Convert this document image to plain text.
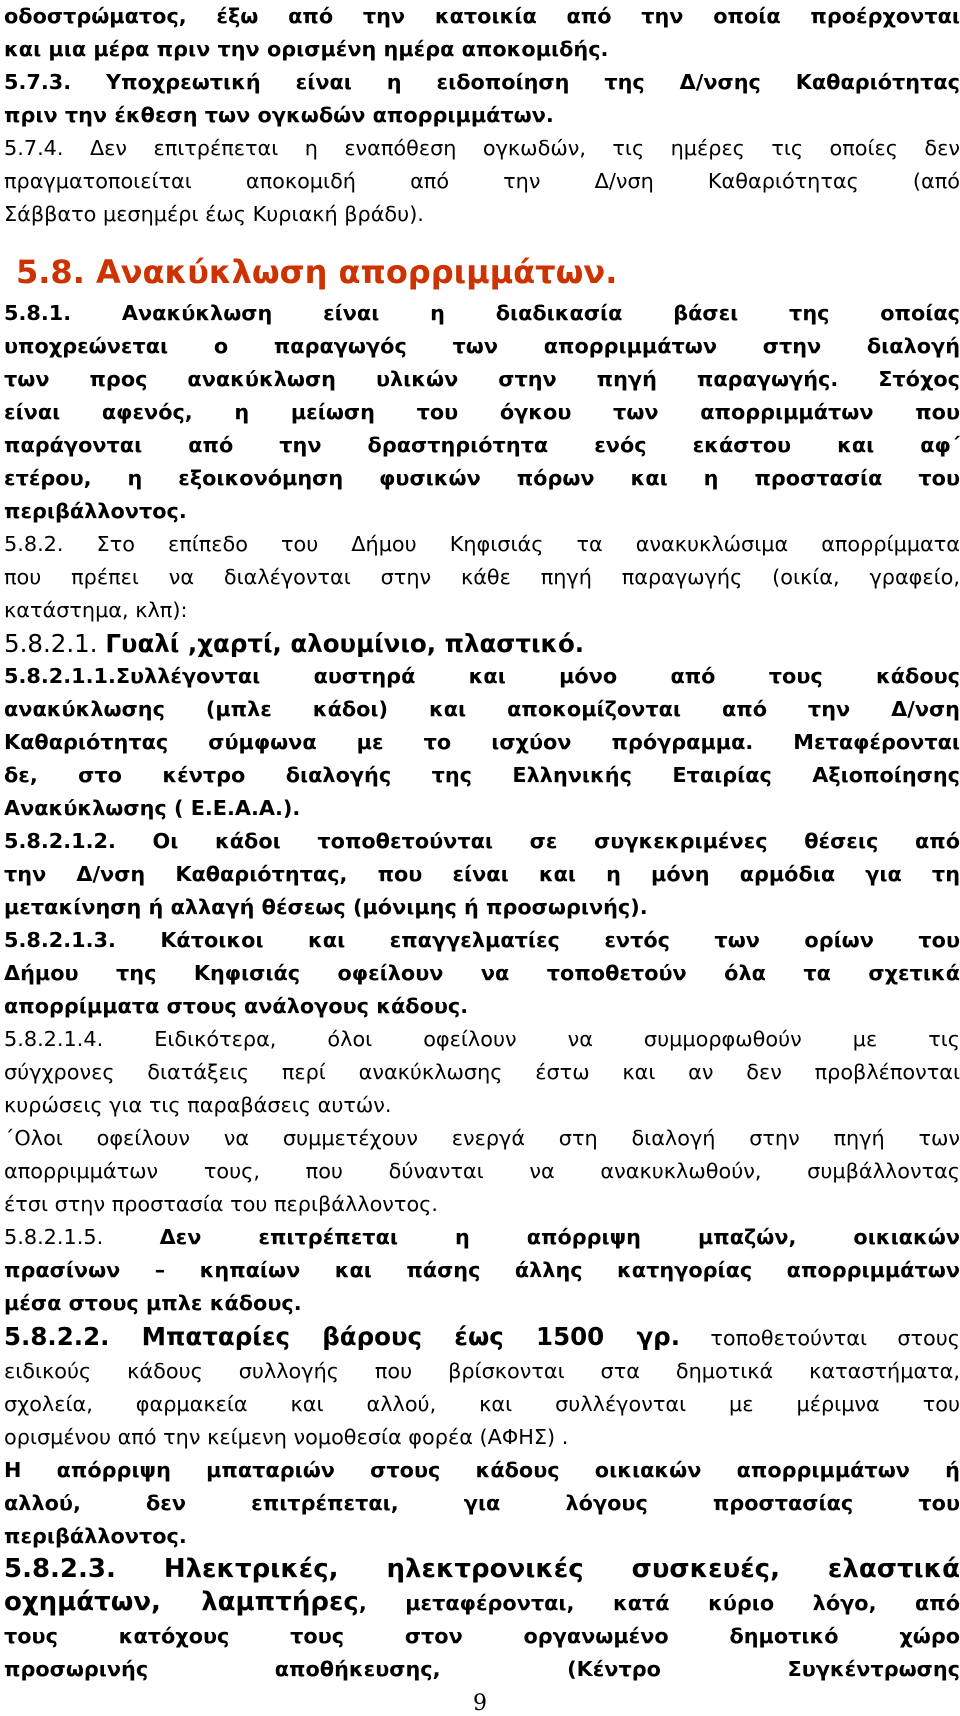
οδοστρώματος, έξω από την κατοικία από την οποία προέρχονται
και μια μέρα πριν την ορισμένη ημέρα αποκομιδής.
5.7.3. Υποχρεωτική είναι η ειδοποίηση της Δ/νσης Καθαριότητας
πριν την έκθεση των ογκωδών απορριμμάτων.
5.7.4. Δεν επιτρέπεται η εναπόθεση ογκωδών, τις ημέρες τις οποίες δεν
πραγματοποιείται αποκομιδή από την Δ/νση Καθαριότητας (από
Σάββατο μεσημέρι έως Κυριακή βράδυ).
5.8. Ανακύκλωση απορριμμάτων.
5.8.1. Ανακύκλωση είναι η διαδικασία βάσει της οποίας
υποχρεώνεται ο παραγωγός των απορριμμάτων στην διαλογή
των προς ανακύκλωση υλικών στην πηγή παραγωγής. Στόχος
είναι αφενός, η μείωση του όγκου των απορριμμάτων που
παράγονται από την δραστηριότητα ενός εκάστου και αφ΄
ετέρου, η εξοικονόμηση φυσικών πόρων και η προστασία του
περιβάλλοντος.
5.8.2. Στο επίπεδο του Δήμου Κηφισιάς τα ανακυκλώσιμα απορρίμματα
που πρέπει να διαλέγονται στην κάθε πηγή παραγωγής (οικία, γραφείο,
κατάστημα, κλπ):
5.8.2.1. Γυαλί ,χαρτί, αλουμίνιο, πλαστικό.
5.8.2.1.1.Συλλέγονται αυστηρά και μόνο από τους κάδους
ανακύκλωσης (μπλε κάδοι) και αποκομίζονται από την Δ/νση
Καθαριότητας σύμφωνα με το ισχύον πρόγραμμα. Μεταφέρονται
δε, στο κέντρο διαλογής της Ελληνικής Εταιρίας Αξιοποίησης
Ανακύκλωσης ( Ε.Ε.Α.Α.).
5.8.2.1.2. Οι κάδοι τοποθετούνται σε συγκεκριμένες θέσεις από
την Δ/νση Καθαριότητας, που είναι και η μόνη αρμόδια για τη
μετακίνηση ή αλλαγή θέσεως (μόνιμης ή προσωρινής).
5.8.2.1.3. Κάτοικοι και επαγγελματίες εντός των ορίων του
Δήμου της Κηφισιάς οφείλουν να τοποθετούν όλα τα σχετικά
απορρίμματα στους ανάλογους κάδους.
5.8.2.1.4. Ειδικότερα, όλοι οφείλουν να συμμορφωθούν με τις
σύγχρονες διατάξεις περί ανακύκλωσης έστω και αν δεν προβλέπονται
κυρώσεις για τις παραβάσεις αυτών.
΄Ολοι οφείλουν να συμμετέχουν ενεργά στη διαλογή στην πηγή των
απορριμμάτων τους, που δύνανται να ανακυκλωθούν, συμβάλλοντας
έτσι στην προστασία του περιβάλλοντος.
5.8.2.1.5.	Δεν επιτρέπεται η απόρριψη μπαζών, οικιακών
πρασίνων – κηπαίων και πάσης άλλης κατηγορίας απορριμμάτων
μέσα στους μπλε κάδους.
5.8.2.2. Μπαταρίες βάρους έως 1500 γρ. τοποθετούνται στους
ειδικούς κάδους συλλογής που βρίσκονται στα δημοτικά καταστήματα,
σχολεία, φαρμακεία και αλλού, και συλλέγονται με μέριμνα του
ορισμένου από την κείμενη νομοθεσία φορέα (ΑΦΗΣ) .
Η απόρριψη μπαταριών στους κάδους οικιακών απορριμμάτων ή
αλλού, δεν επιτρέπεται, για λόγους προστασίας του
περιβάλλοντος.
5.8.2.3. Ηλεκτρικές, ηλεκτρονικές συσκευές, ελαστικά
οχημάτων, λαμπτήρες, μεταφέρονται, κατά κύριο λόγο, από
τους κατόχους τους στον οργανωμένο δημοτικό χώρο
προσωρινής αποθήκευσης, (Κέντρο Συγκέντρωσης
9
